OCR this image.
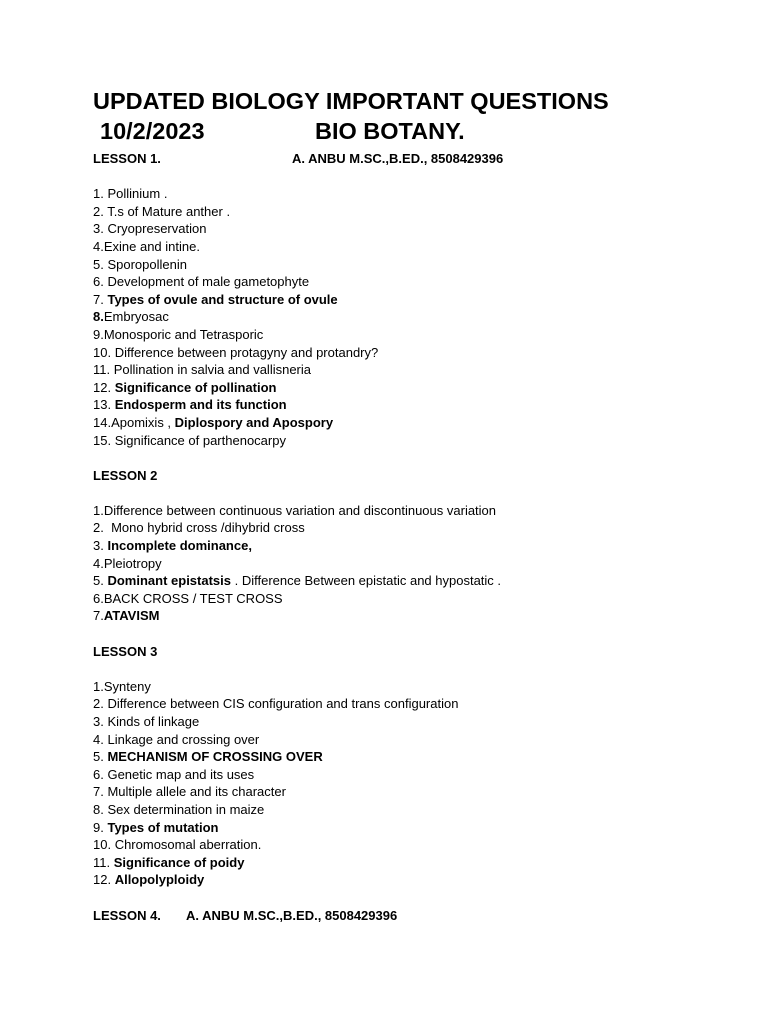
UPDATED BIOLOGY IMPORTANT QUESTIONS
10/2/2023	BIO BOTANY.
LESSON 1.	A. ANBU M.SC.,B.ED., 8508429396
1. Pollinium .
2. T.s of Mature anther .
3. Cryopreservation
4.Exine and intine.
5. Sporopollenin
6. Development of male gametophyte
7. Types of ovule and structure of ovule
8.Embryosac
9.Monosporic and Tetrasporic
10. Difference between protagyny and protandry?
11. Pollination in salvia and vallisneria
12. Significance of pollination
13. Endosperm and its function
14.Apomixis , Diplospory and Apospory
15. Significance of parthenocarpy
LESSON 2
1.Difference between continuous variation and discontinuous variation
2.  Mono hybrid cross /dihybrid cross
3. Incomplete dominance,
4.Pleiotropy
5. Dominant epistatsis . Difference Between epistatic and hypostatic .
6.BACK CROSS / TEST CROSS
7.ATAVISM
LESSON 3
1.Synteny
2. Difference between CIS configuration and trans configuration
3. Kinds of linkage
4. Linkage and crossing over
5. MECHANISM OF CROSSING OVER
6. Genetic map and its uses
7. Multiple allele and its character
8. Sex determination in maize
9. Types of mutation
10. Chromosomal aberration.
11. Significance of poidy
12. Allopolyploidy
LESSON 4. A. ANBU M.SC.,B.ED., 8508429396
